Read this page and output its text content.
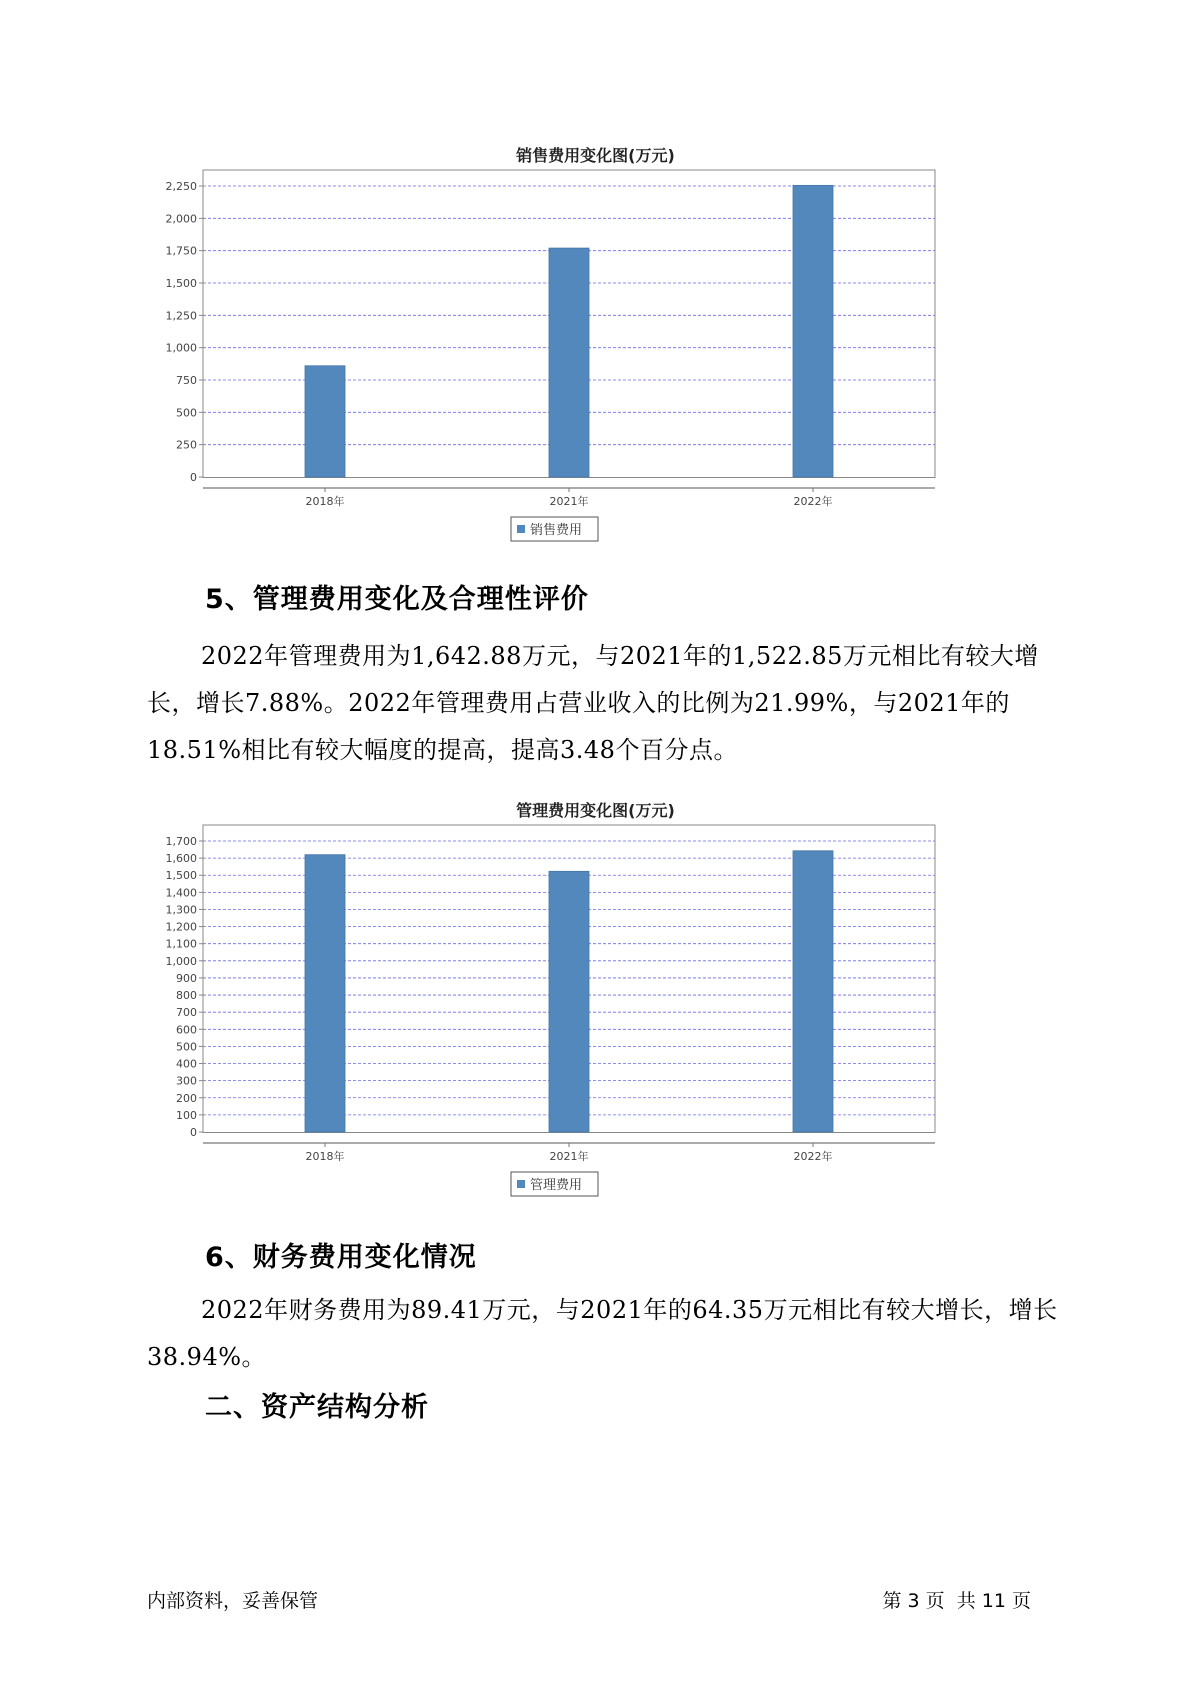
销售费用变化图(万元)
0
250
500
750
1,000
1,250
1,500
1,750
2,000
2,250
2018年	2021年	2022年
销售费用
5、管理费用变化及合理性评价

2022年管理费用为1,642.88万元，与2021年的1,522.85万元相比有较大增长，增长7.88%。2022年管理费用占营业收入的比例为21.99%，与2021年的18.51%相比有较大幅度的提高，提高3.48个百分点。

管理费用变化图(万元)
0
100
200
300
400
500
600
700
800
900
1,000
1,100
1,200
1,300
1,400
1,500
1,600
1,700
2018年	2021年	2022年
管理费用
6、财务费用变化情况

2022年财务费用为89.41万元，与2021年的64.35万元相比有较大增长，增长38.94%。

二、资产结构分析
内部资料，妥善保管	第 3 页  共 11 页
